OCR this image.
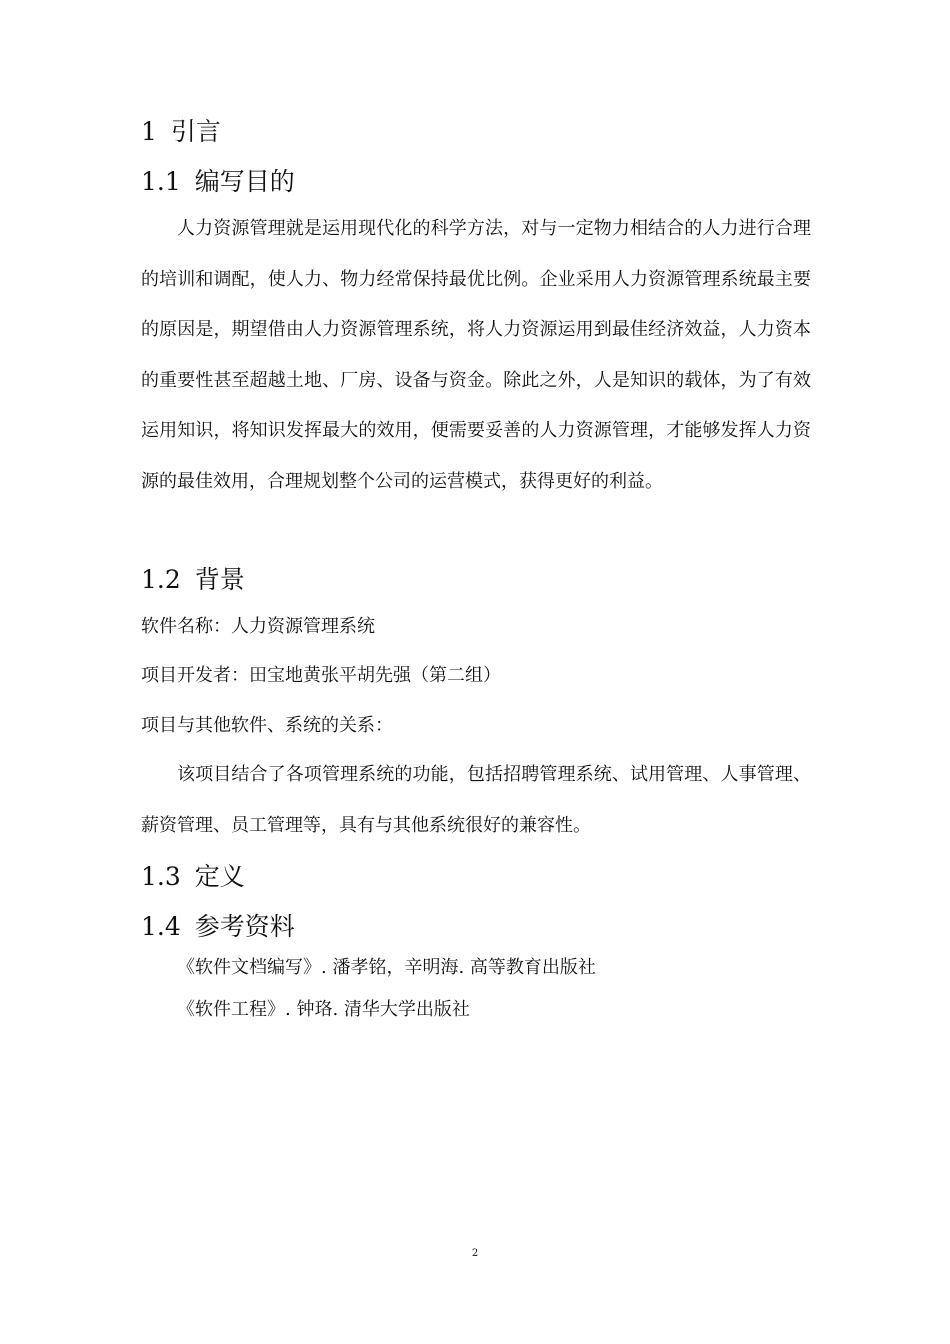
1 引言
1.1 编写目的

人力资源管理就是运用现代化的科学方法，对与一定物力相结合的人力进行合理的培训和调配，使人力、物力经常保持最优比例。企业采用人力资源管理系统最主要的原因是，期望借由人力资源管理系统，将人力资源运用到最佳经济效益，人力资本的重要性甚至超越土地、厂房、设备与资金。除此之外，人是知识的载体，为了有效运用知识，将知识发挥最大的效用，便需要妥善的人力资源管理，才能够发挥人力资源的最佳效用，合理规划整个公司的运营模式，获得更好的利益。

1.2 背景

软件名称：人力资源管理系统

项目开发者：田宝地黄张平胡先强（第二组）

项目与其他软件、系统的关系：

该项目结合了各项管理系统的功能，包括招聘管理系统、试用管理、人事管理、薪资管理、员工管理等，具有与其他系统很好的兼容性。

1.3 定义
1.4 参考资料

《软件文档编写》. 潘孝铭，辛明海. 高等教育出版社

《软件工程》. 钟珞. 清华大学出版社

2
